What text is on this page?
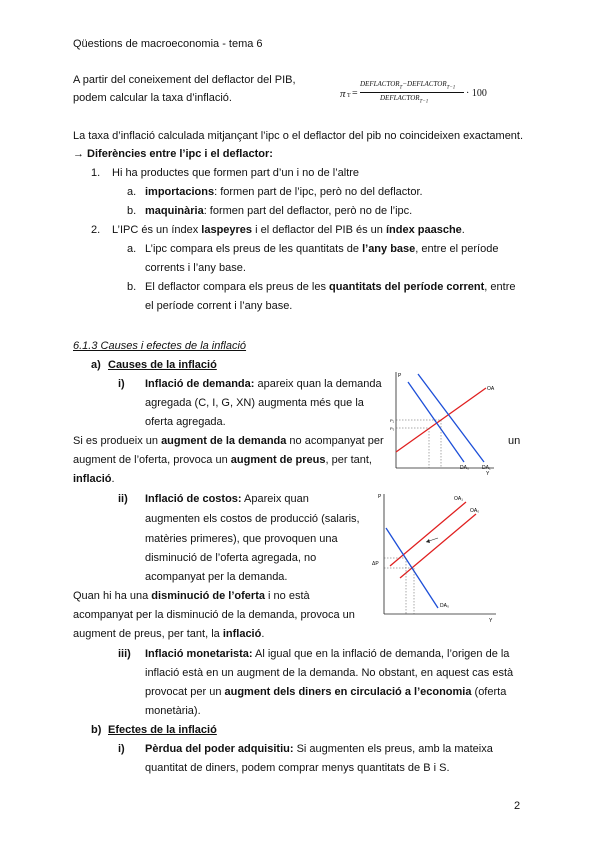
Qüestions de macroeconomia - tema 6
A partir del coneixement del deflactor del PIB,
podem calcular la taxa d’inflació.	π T =
$DEFLACTOR_T-DEFLACTOR_{T-1}$
$DEFLACTOR_{T-1}$
· 100
La taxa d’inflació calculada mitjançant l’ipc o el deflactor del pib no coincideixen exactament.
→ Diferències entre l’ipc i el deflactor:
1. Hi ha productes que formen part d’un i no de l’altre
a. importacions: formen part de l’ipc, però no del deflactor.
b. maquinària: formen part del deflactor, però no de l’ipc.
2. L’IPC és un índex laspeyres i el deflactor del PIB és un índex paasche.
a. L’ipc compara els preus de les quantitats de l’any base, entre el període
corrents i l’any base.
b. El deflactor compara els preus de les quantitats del període corrent, entre
el període corrent i l’any base.
6.1.3 Causes i efectes de la inflació
a) Causes de la inflació
i) Inflació de demanda: apareix quan la demanda
agregada (C, I, G, XN) augmenta més que la
oferta agregada.
Si es produeix un augment de la demanda no acompanyat per	un
augment de l’oferta, provoca un augment de preus, per tant,
inflació.
ii) Inflació de costos: Apareix quan
augmenten els costos de producció (salaris,
matèries primeres), que provoquen una
disminució de l’oferta agregada, no
acompanyat per la demanda.
Quan hi ha una disminució de l’oferta i no està
acompanyat per la disminució de la demanda, provoca un
augment de preus, per tant, la inflació.
iii) Inflació monetarista: Al igual que en la inflació de demanda, l’origen de la
inflació està en un augment de la demanda. No obstant, en aquest cas està
provocat per un augment dels diners en circulació a l’economia (oferta
monetària).
b) Efectes de la inflació
i) Pèrdua del poder adquisitiu: Si augmenten els preus, amb la mateixa
quantitat de diners, podem comprar menys quantitats de B i S.
P
Y
OA
DA₀	DA₁
P₁
P₀
P
Y
OA₁
OA₀
DA₀
ΔP
2
